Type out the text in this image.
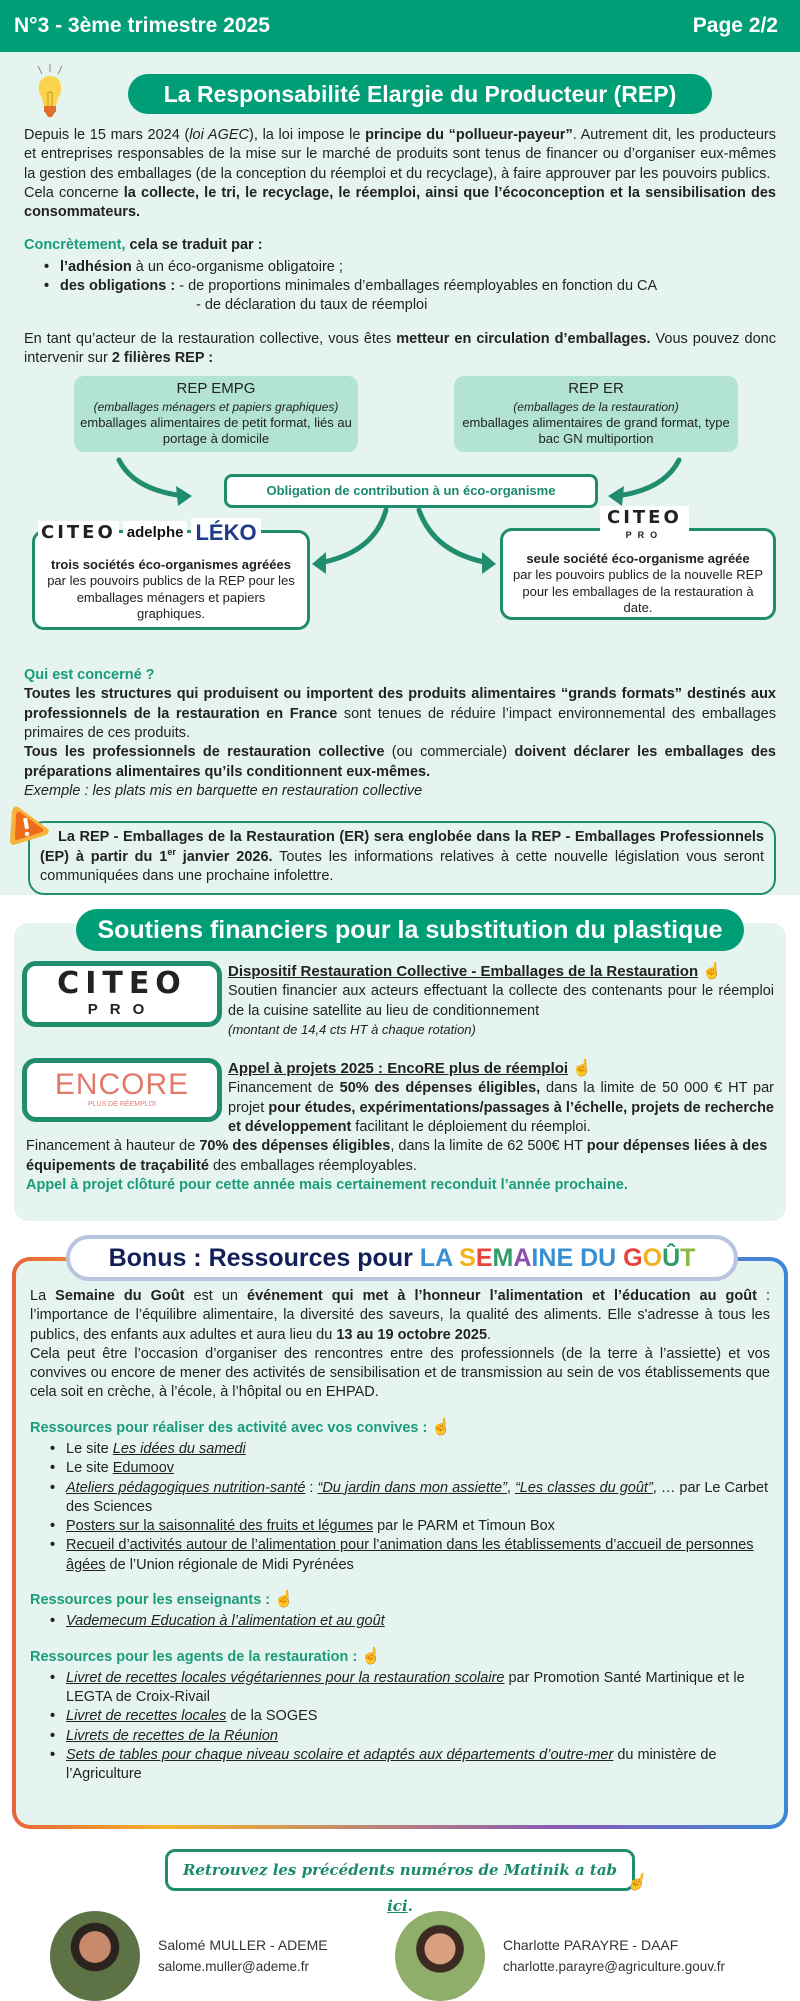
N°3 - 3ème trimestre 2025	Page 2/2
La Responsabilité Elargie du Producteur (REP)

Depuis le 15 mars 2024 (loi AGEC), la loi impose le principe du “pollueur-payeur”. Autrement dit, les producteurs et entreprises responsables de la mise sur le marché de produits sont tenus de financer ou d’organiser eux-mêmes la gestion des emballages (de la conception du réemploi et du recyclage), à faire approuver par les pouvoirs publics.

Cela concerne la collecte, le tri, le recyclage, le réemploi, ainsi que l’écoconception et la sensibilisation des consommateurs.

Concrètement, cela se traduit par :

• l’adhésion à un éco-organisme obligatoire ;
• des obligations : - de proportions minimales d’emballages réemployables en fonction du CA
- de déclaration du taux de réemploi

En tant qu’acteur de la restauration collective, vous êtes metteur en circulation d’emballages. Vous pouvez donc intervenir sur 2 filières REP :

REP EMPG
(emballages ménagers et papiers graphiques)
emballages alimentaires de petit format, liés au portage à domicile
REP ER
(emballages de la restauration)
emballages alimentaires de grand format, type bac GN multiportion
Obligation de contribution à un éco-organisme
trois sociétés éco-organismes agréées
par les pouvoirs publics de la REP pour les emballages ménagers et papiers graphiques.
CITEO adelphe LÉKO
seule société éco-organisme agréée
par les pouvoirs publics de la nouvelle REP pour les emballages de la restauration à date.
CITEO
PRO

Qui est concerné ?

Toutes les structures qui produisent ou importent des produits alimentaires “grands formats” destinés aux professionnels de la restauration en France sont tenues de réduire l’impact environnemental des emballages primaires de ces produits.

Tous les professionnels de restauration collective (ou commerciale) doivent déclarer les emballages des préparations alimentaires qu’ils conditionnent eux-mêmes.

Exemple : les plats mis en barquette en restauration collective

La REP - Emballages de la Restauration (ER) sera englobée dans la REP - Emballages Professionnels (EP) à partir du 1er janvier 2026. Toutes les informations relatives à cette nouvelle législation vous seront communiquées dans une prochaine infolettre.
Soutiens financiers pour la substitution du plastique
CITEO
PRO
Dispositif Restauration Collective - Emballages de la Restauration ☝
Soutien financier aux acteurs effectuant la collecte des contenants pour le réemploi de la cuisine satellite au lieu de conditionnement
(montant de 14,4 cts HT à chaque rotation)
ENCORE
PLUS DE RÉEMPLOI
Appel à projets 2025 : EncoRE plus de réemploi ☝
Financement de 50% des dépenses éligibles, dans la limite de 50 000 € HT par projet pour études, expérimentations/passages à l’échelle, projets de recherche et développement facilitant le déploiement du réemploi.

Financement à hauteur de 70% des dépenses éligibles, dans la limite de 62 500€ HT pour dépenses liées à des équipements de traçabilité des emballages réemployables.

Appel à projet clôturé pour cette année mais certainement reconduit l’année prochaine.

La Semaine du Goût est un événement qui met à l’honneur l’alimentation et l’éducation au goût : l’importance de l’équilibre alimentaire, la diversité des saveurs, la qualité des aliments. Elle s'adresse à tous les publics, des enfants aux adultes et aura lieu du 13 au 19 octobre 2025.

Cela peut être l’occasion d’organiser des rencontres entre des professionnels (de la terre à l’assiette) et vos convives ou encore de mener des activités de sensibilisation et de transmission au sein de vos établissements que cela soit en crèche, à l’école, à l’hôpital ou en EHPAD.

Ressources pour réaliser des activité avec vos convives : ☝

• Le site Les idées du samedi
• Le site Edumoov
• Ateliers pédagogiques nutrition-santé : “Du jardin dans mon assiette”, “Les classes du goût”, … par Le Carbet des Sciences
• Posters sur la saisonnalité des fruits et légumes par le PARM et Timoun Box
• Recueil d’activités autour de l’alimentation pour l’animation dans les établissements d’accueil de personnes âgées de l’Union régionale de Midi Pyrénées

Ressources pour les enseignants : ☝

• Vademecum Education à l’alimentation et au goût

Ressources pour les agents de la restauration : ☝

• Livret de recettes locales végétariennes pour la restauration scolaire par Promotion Santé Martinique et le LEGTA de Croix-Rivail
• Livret de recettes locales de la SOGES
• Livrets de recettes de la Réunion
• Sets de tables pour chaque niveau scolaire et adaptés aux départements d’outre-mer du ministère de l’Agriculture
Bonus : Ressources pour LA SEMAINE DU GOÛT
Retrouvez les précédents numéros de Matinik a tab ici.
☝
Salomé MULLER - ADEME
salome.muller@ademe.fr
Charlotte PARAYRE - DAAF
charlotte.parayre@agriculture.gouv.fr
